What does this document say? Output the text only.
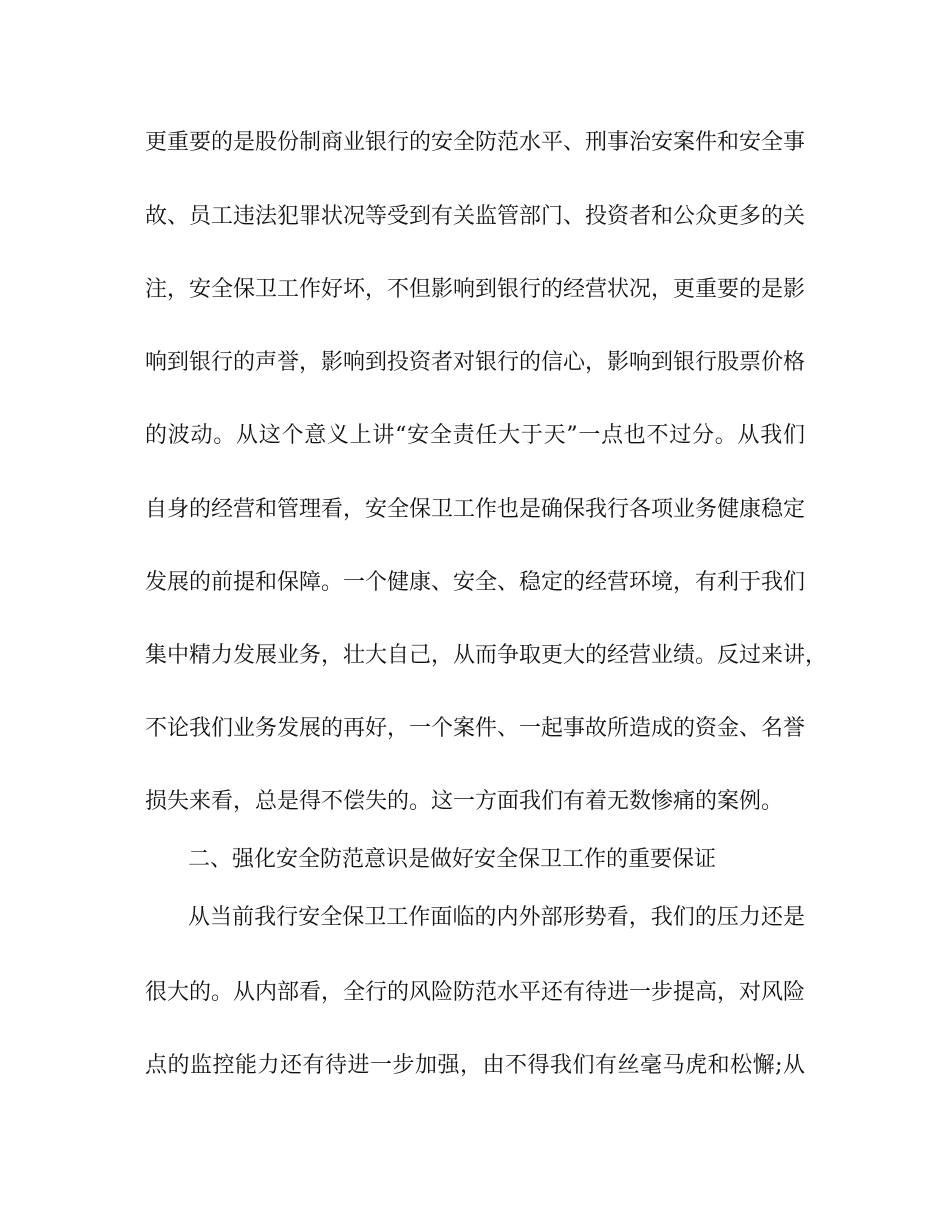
更重要的是股份制商业银行的安全防范水平、刑事治安案件和安全事
故、员工违法犯罪状况等受到有关监管部门、投资者和公众更多的关
注，安全保卫工作好坏，不但影响到银行的经营状况，更重要的是影
响到银行的声誉，影响到投资者对银行的信心，影响到银行股票价格
的波动。从这个意义上讲“安全责任大于天”一点也不过分。从我们
自身的经营和管理看，安全保卫工作也是确保我行各项业务健康稳定
发展的前提和保障。一个健康、安全、稳定的经营环境，有利于我们
集中精力发展业务，壮大自己，从而争取更大的经营业绩。反过来讲，
不论我们业务发展的再好，一个案件、一起事故所造成的资金、名誉
损失来看，总是得不偿失的。这一方面我们有着无数惨痛的案例。
二、强化安全防范意识是做好安全保卫工作的重要保证
从当前我行安全保卫工作面临的内外部形势看，我们的压力还是
很大的。从内部看，全行的风险防范水平还有待进一步提高，对风险
点的监控能力还有待进一步加强，由不得我们有丝毫马虎和松懈;从
